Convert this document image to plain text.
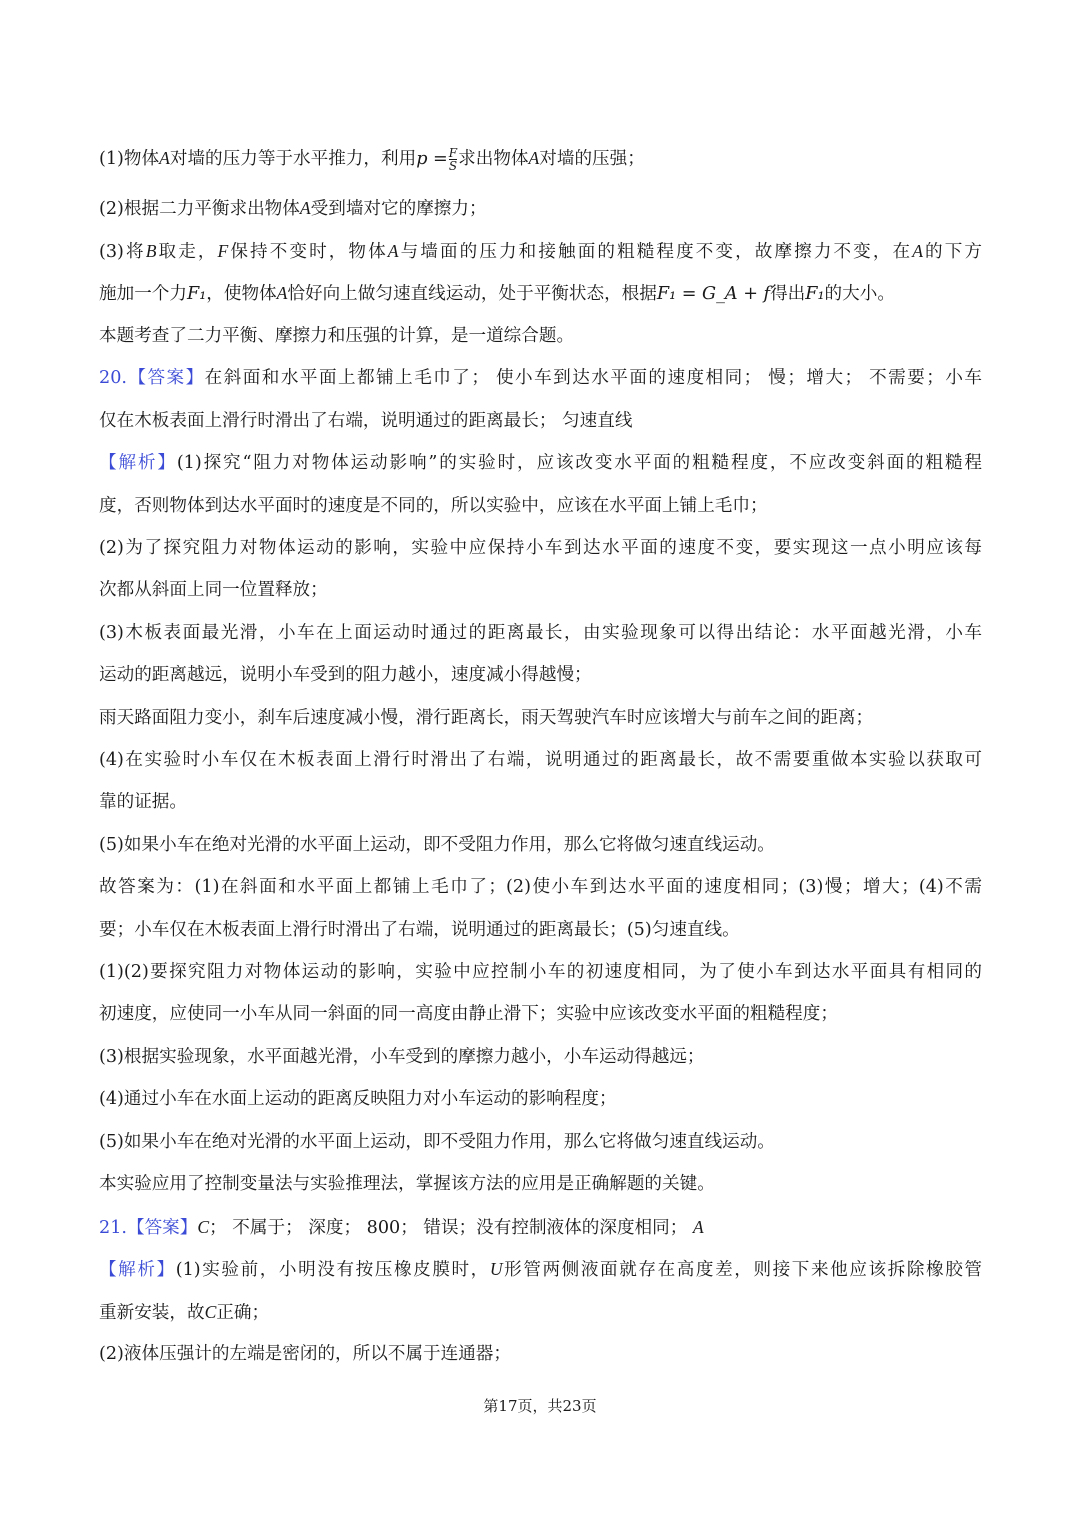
(1)物体A对墙的压力等于水平推力，利用$p = \frac{F}{S}$ 求出物体A对墙的压强；
(2)根据二力平衡求出物体A受到墙对它的摩擦力；
(3)将B取走，F保持不变时，物体A与墙面的压力和接触面的粗糙程度不变，故摩擦力不变，在A的下方
施加一个力F₁，使物体A恰好向上做匀速直线运动，处于平衡状态，根据F₁ = G_A + f得出F₁的大小。
本题考查了二力平衡、摩擦力和压强的计算，是一道综合题。
20.【答案】在斜面和水平面上都铺上毛巾了； 使小车到达水平面的速度相同； 慢；增大； 不需要；小车
仅在木板表面上滑行时滑出了右端，说明通过的距离最长； 匀速直线
【解析】(1)探究“阻力对物体运动影响”的实验时，应该改变水平面的粗糙程度，不应改变斜面的粗糙程
度，否则物体到达水平面时的速度是不同的，所以实验中，应该在水平面上铺上毛巾；
(2)为了探究阻力对物体运动的影响，实验中应保持小车到达水平面的速度不变，要实现这一点小明应该每
次都从斜面上同一位置释放；
(3)木板表面最光滑，小车在上面运动时通过的距离最长，由实验现象可以得出结论：水平面越光滑，小车
运动的距离越远，说明小车受到的阻力越小，速度减小得越慢；
雨天路面阻力变小，刹车后速度减小慢，滑行距离长，雨天驾驶汽车时应该增大与前车之间的距离；
(4)在实验时小车仅在木板表面上滑行时滑出了右端，说明通过的距离最长，故不需要重做本实验以获取可
靠的证据。
(5)如果小车在绝对光滑的水平面上运动，即不受阻力作用，那么它将做匀速直线运动。
故答案为：(1)在斜面和水平面上都铺上毛巾了；(2)使小车到达水平面的速度相同；(3)慢；增大；(4)不需
要；小车仅在木板表面上滑行时滑出了右端，说明通过的距离最长；(5)匀速直线。
(1)(2)要探究阻力对物体运动的影响，实验中应控制小车的初速度相同，为了使小车到达水平面具有相同的
初速度，应使同一小车从同一斜面的同一高度由静止滑下；实验中应该改变水平面的粗糙程度；
(3)根据实验现象，水平面越光滑，小车受到的摩擦力越小，小车运动得越远；
(4)通过小车在水面上运动的距离反映阻力对小车运动的影响程度；
(5)如果小车在绝对光滑的水平面上运动，即不受阻力作用，那么它将做匀速直线运动。
本实验应用了控制变量法与实验推理法，掌握该方法的应用是正确解题的关键。
21.【答案】C； 不属于； 深度； 800； 错误；没有控制液体的深度相同； A
【解析】(1)实验前，小明没有按压橡皮膜时，U形管两侧液面就存在高度差，则接下来他应该拆除橡胶管
重新安装，故C正确；
(2)液体压强计的左端是密闭的，所以不属于连通器；
第17页，共23页
